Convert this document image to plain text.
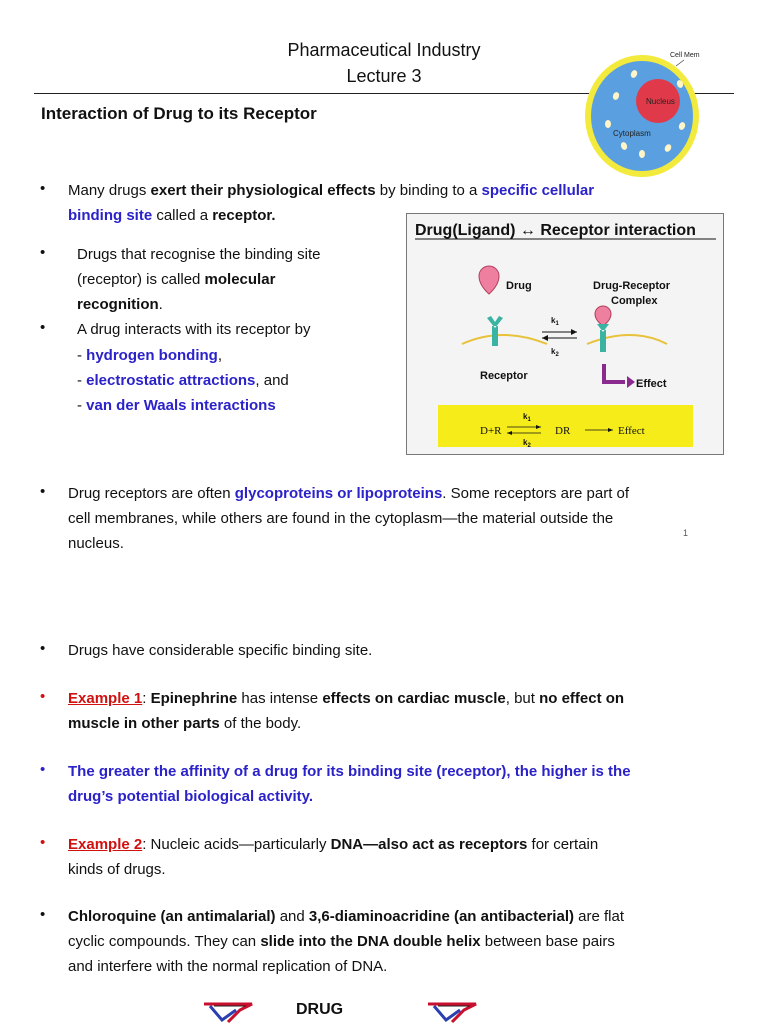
Pharmaceutical Industry
Lecture 3
Interaction of Drug to its Receptor
Cell Mem
Nucleus
Cytoplasm
• Many drugs exert their physiological effects by binding to a specific cellular
binding site called a receptor.
• Drugs that recognise the binding site
(receptor) is called molecular
recognition.
• A drug interacts with its receptor by
- hydrogen bonding,
- electrostatic attractions, and
- van der Waals interactions
Drug(Ligand) ↔ Receptor interaction
Drug
Receptor
$k_1$
$k_2$
Drug-Receptor
Complex
Effect
D+R
$k_1$
$k_2$
DR	Effect
• Drug receptors are often glycoproteins or lipoproteins. Some receptors are part of
cell membranes, while others are found in the cytoplasm—the material outside the
nucleus.
1
• Drugs have considerable specific binding site.
• Example 1: Epinephrine has intense effects on cardiac muscle, but no effect on
muscle in other parts of the body.
• The greater the affinity of a drug for its binding site (receptor), the higher is the
drug’s potential biological activity.
• Example 2: Nucleic acids—particularly DNA—also act as receptors for certain
kinds of drugs.
• Chloroquine (an antimalarial) and 3,6-diaminoacridine (an antibacterial) are flat
cyclic compounds. They can slide into the DNA double helix between base pairs
and interfere with the normal replication of DNA.
DRUG
